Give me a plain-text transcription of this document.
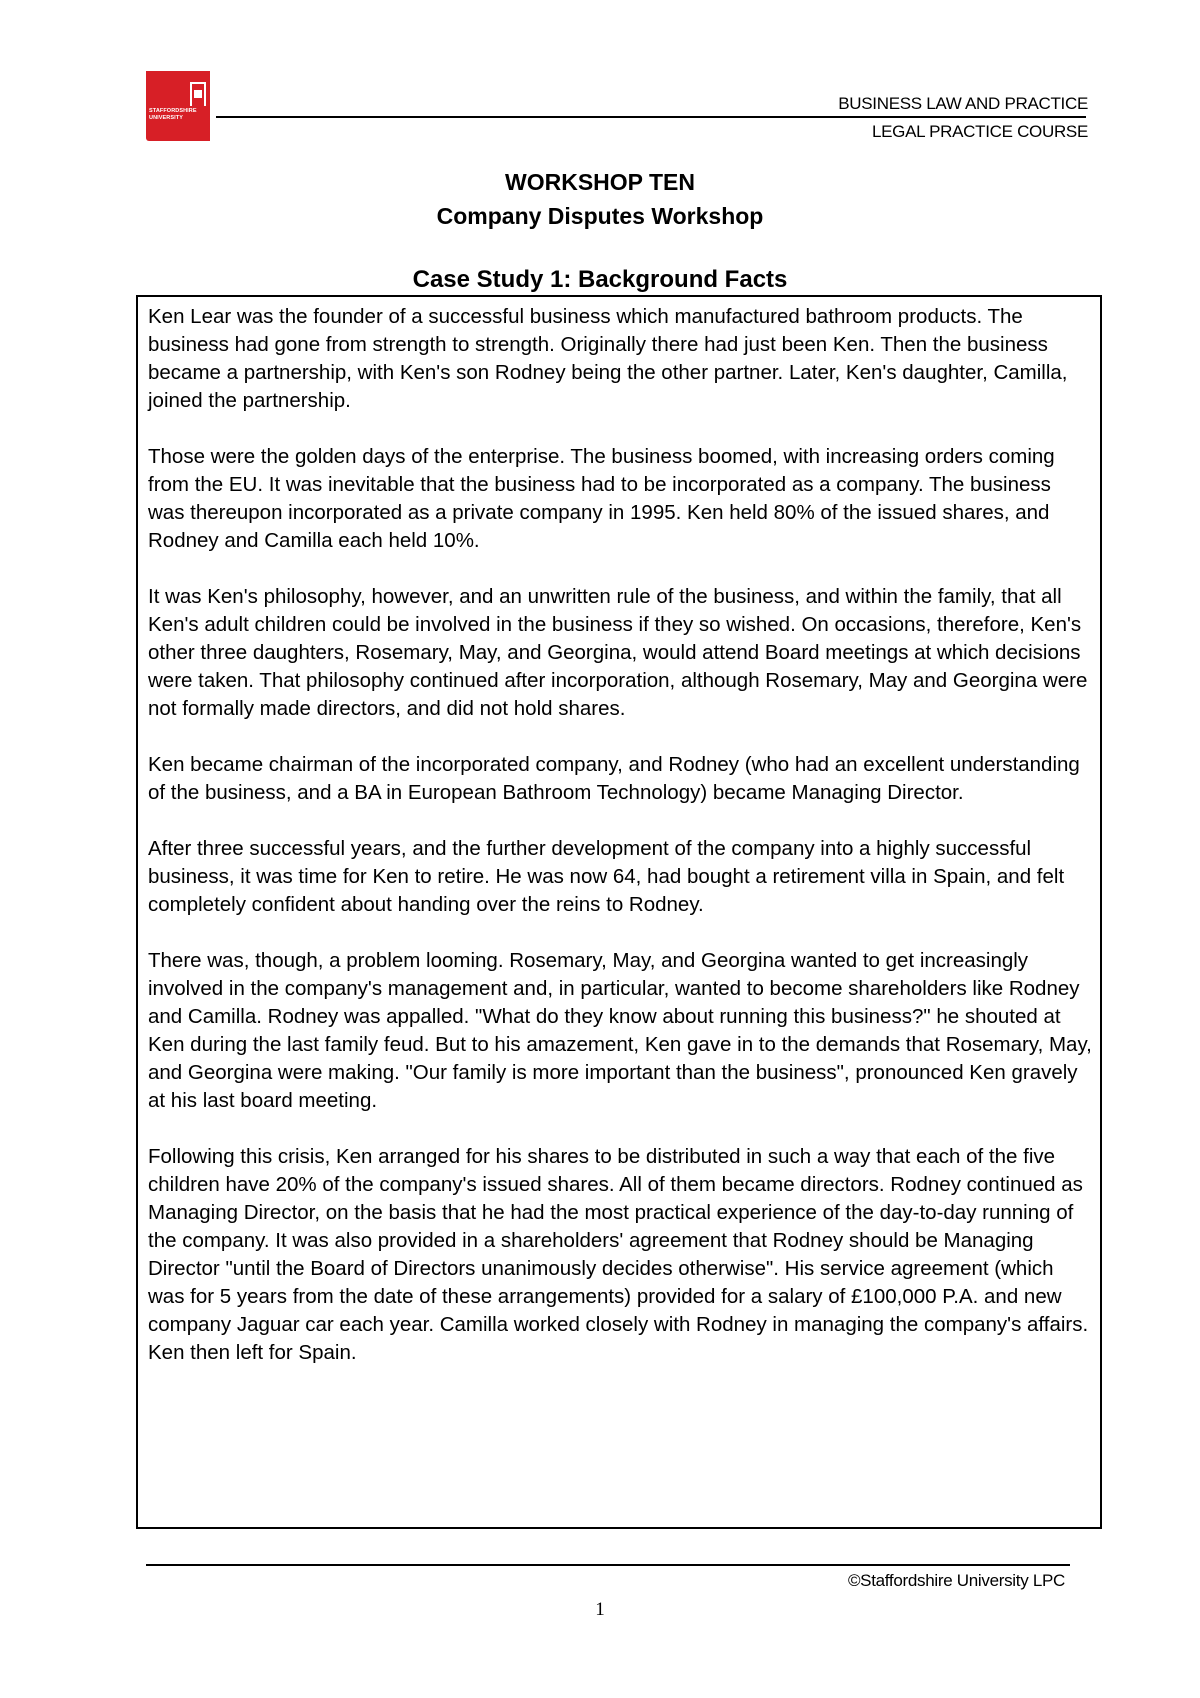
STAFFORDSHIRE UNIVERSITY
BUSINESS LAW AND PRACTICE
LEGAL PRACTICE COURSE
WORKSHOP TEN
Company Disputes Workshop
Case Study 1: Background Facts

Ken Lear was the founder of a successful business which manufactured bathroom products. The business had gone from strength to strength. Originally there had just been Ken. Then the business became a partnership, with Ken's son Rodney being the other partner. Later, Ken's daughter, Camilla, joined the partnership.

Those were the golden days of the enterprise. The business boomed, with increasing orders coming from the EU. It was inevitable that the business had to be incorporated as a company. The business was thereupon incorporated as a private company in 1995. Ken held 80% of the issued shares, and Rodney and Camilla each held 10%.

It was Ken's philosophy, however, and an unwritten rule of the business, and within the family, that all Ken's adult children could be involved in the business if they so wished. On occasions, therefore, Ken's other three daughters, Rosemary, May, and Georgina, would attend Board meetings at which decisions were taken. That philosophy continued after incorporation, although Rosemary, May and Georgina were not formally made directors, and did not hold shares.

Ken became chairman of the incorporated company, and Rodney (who had an excellent understanding of the business, and a BA in European Bathroom Technology) became Managing Director.

After three successful years, and the further development of the company into a highly successful business, it was time for Ken to retire. He was now 64, had bought a retirement villa in Spain, and felt completely confident about handing over the reins to Rodney.

There was, though, a problem looming. Rosemary, May, and Georgina wanted to get increasingly involved in the company's management and, in particular, wanted to become shareholders like Rodney and Camilla. Rodney was appalled. "What do they know about running this business?" he shouted at Ken during the last family feud. But to his amazement, Ken gave in to the demands that Rosemary, May, and Georgina were making. "Our family is more important than the business", pronounced Ken gravely at his last board meeting.

Following this crisis, Ken arranged for his shares to be distributed in such a way that each of the five children have 20% of the company's issued shares. All of them became directors. Rodney continued as Managing Director, on the basis that he had the most practical experience of the day-to-day running of the company. It was also provided in a shareholders' agreement that Rodney should be Managing Director "until the Board of Directors unanimously decides otherwise". His service agreement (which was for 5 years from the date of these arrangements) provided for a salary of £100,000 P.A. and new company Jaguar car each year. Camilla worked closely with Rodney in managing the company's affairs. Ken then left for Spain.

©Staffordshire University LPC
1
